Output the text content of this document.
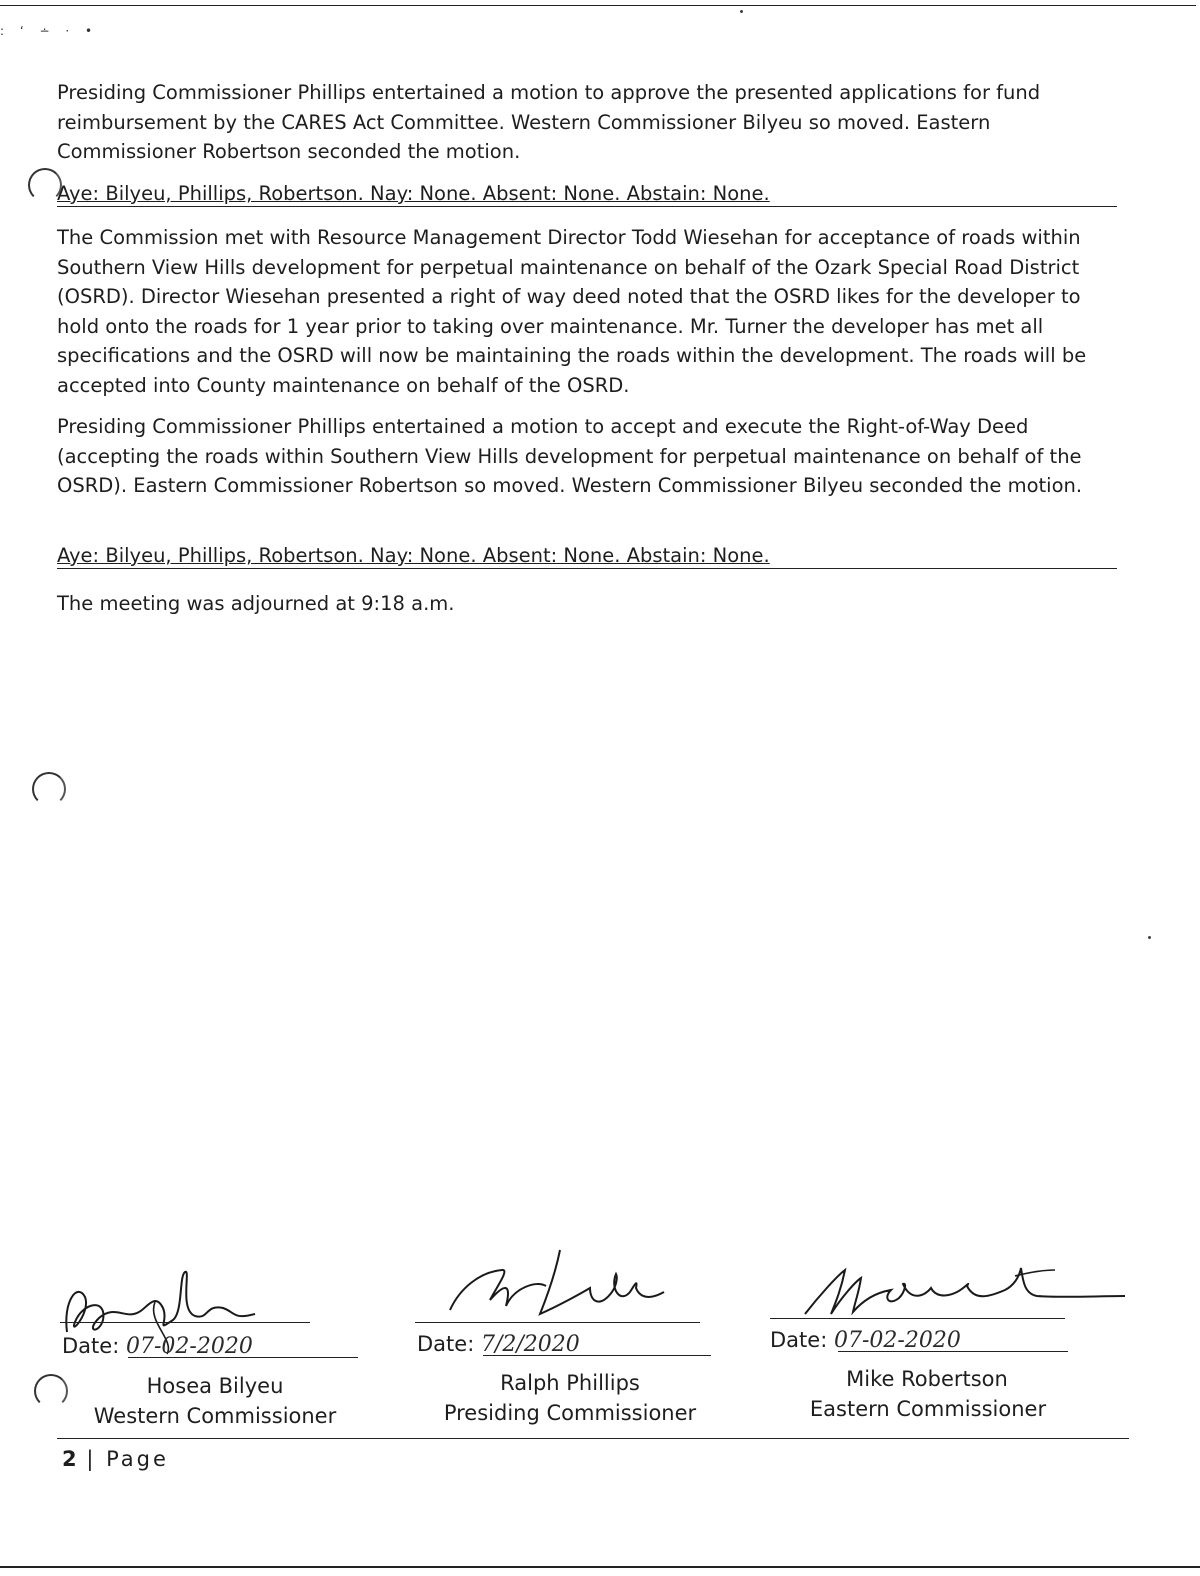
: ‘ ∸ · •

Presiding Commissioner Phillips entertained a motion to approve the presented applications for fund reimbursement by the CARES Act Committee. Western Commissioner Bilyeu so moved. Eastern Commissioner Robertson seconded the motion.

Aye: Bilyeu, Phillips, Robertson. Nay: None. Absent: None. Abstain: None.

The Commission met with Resource Management Director Todd Wiesehan for acceptance of roads within Southern View Hills development for perpetual maintenance on behalf of the Ozark Special Road District (OSRD). Director Wiesehan presented a right of way deed noted that the OSRD likes for the developer to hold onto the roads for 1 year prior to taking over maintenance. Mr. Turner the developer has met all specifications and the OSRD will now be maintaining the roads within the development. The roads will be accepted into County maintenance on behalf of the OSRD.

Presiding Commissioner Phillips entertained a motion to accept and execute the Right-of-Way Deed (accepting the roads within Southern View Hills development for perpetual maintenance on behalf of the OSRD). Eastern Commissioner Robertson so moved. Western Commissioner Bilyeu seconded the motion.

Aye: Bilyeu, Phillips, Robertson. Nay: None. Absent: None. Abstain: None.

The meeting was adjourned at 9:18 a.m.

Date: 07-02-2020
Hosea Bilyeu
Western Commissioner
Date: 7/2/2020
Ralph Phillips
Presiding Commissioner
Date: 07-02-2020
Mike Robertson
Eastern Commissioner
2 | Page
